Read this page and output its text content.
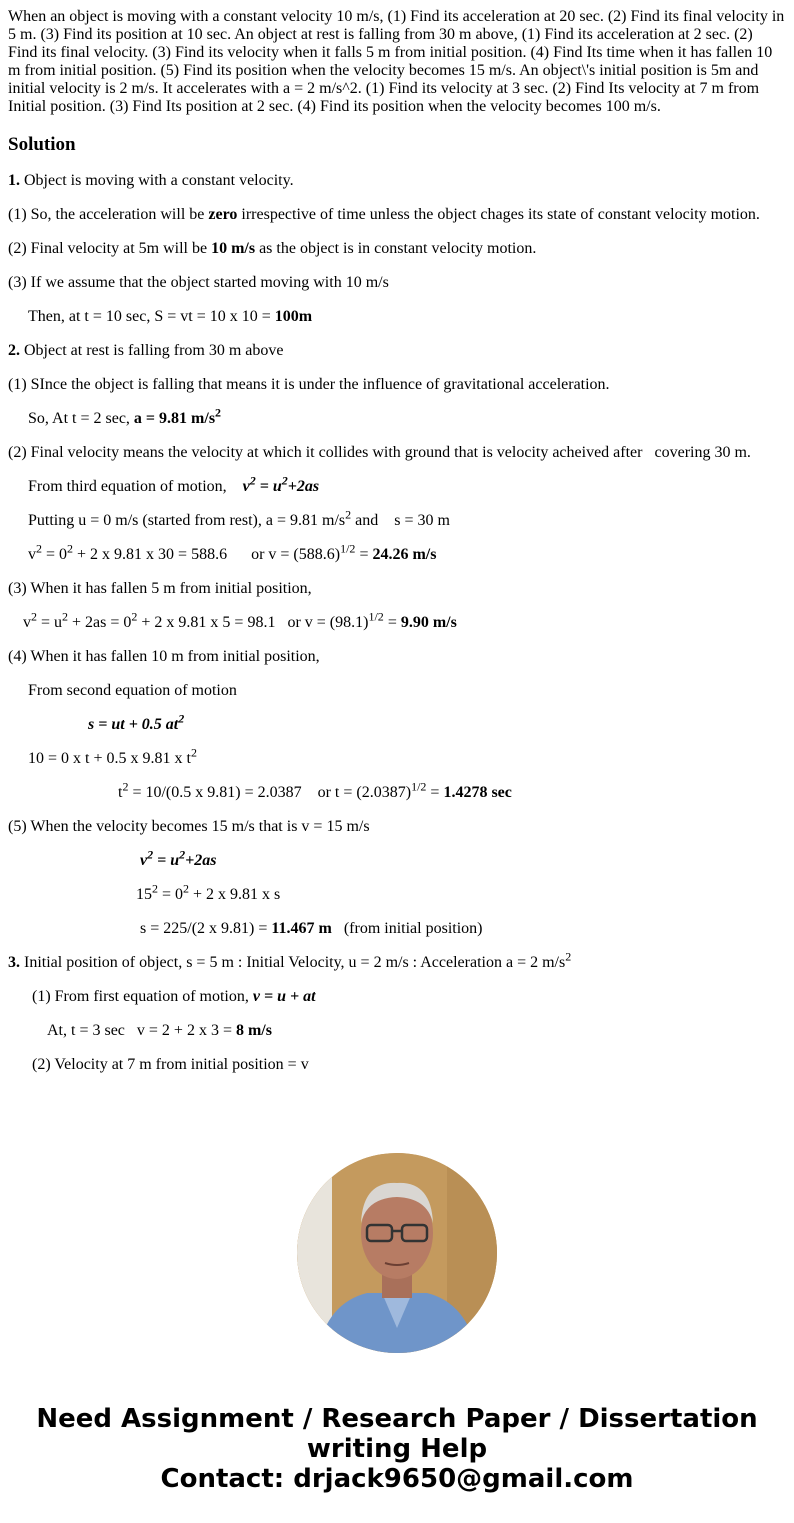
When an object is moving with a constant velocity 10 m/s, (1) Find its acceleration at 20 sec. (2) Find its final velocity in 5 m. (3) Find its position at 10 sec. An object at rest is falling from 30 m above, (1) Find its acceleration at 2 sec. (2) Find its final velocity. (3) Find its velocity when it falls 5 m from initial position. (4) Find Its time when it has fallen 10 m from initial position. (5) Find its position when the velocity becomes 15 m/s. An object\'s initial position is 5m and initial velocity is 2 m/s. It accelerates with a = 2 m/s^2. (1) Find its velocity at 3 sec. (2) Find Its velocity at 7 m from Initial position. (3) Find Its position at 2 sec. (4) Find its position when the velocity becomes 100 m/s.
Solution

1. Object is moving with a constant velocity.

(1) So, the acceleration will be zero irrespective of time unless the object chages its state of constant velocity motion.

(2) Final velocity at 5m will be 10 m/s as the object is in constant velocity motion.

(3) If we assume that the object started moving with 10 m/s

Then, at t = 10 sec, S = vt = 10 x 10 = 100m

2. Object at rest is falling from 30 m above

(1) SInce the object is falling that means it is under the influence of gravitational acceleration.

So, At t = 2 sec, a = 9.81 $m/s^2$

(2) Final velocity means the velocity at which it collides with ground that is velocity acheived after   covering 30 m.

From third equation of motion,    $v^2 = u^2+2as$

Putting u = 0 m/s (started from rest), a = 9.81 $m/s^2$ and    s = 30 m

$v^2 = 0^2 + 2$ x 9.81 x 30 = 588.6      or $v = (588.6)^{1/2} = 24.26$ m/s

(3) When it has fallen 5 m from initial position,

$v^2 = u^2 + 2as = 0^2 + 2$ x 9.81 x 5 = 98.1   or $v = (98.1)^{1/2} = 9.90$ m/s

(4) When it has fallen 10 m from initial position,

From second equation of motion

s = ut + 0.5 $at^2$

10 = 0 x t + 0.5 x 9.81 x $t^2$

$t^2 = 10/(0.5$ x 9.81) = 2.0387    or $t = (2.0387)^{1/2} = 1.4278$ sec

(5) When the velocity becomes 15 m/s that is v = 15 m/s

$v^2 = u^2+2as$

$15^2 = 0^2 + 2$ x 9.81 x s

s = 225/(2 x 9.81) = 11.467 m   (from initial position)

3. Initial position of object, s = 5 m : Initial Velocity, u = 2 m/s : Acceleration a = 2 $m/s^2$

(1) From first equation of motion, v = u + at

At, t = 3 sec   v = 2 + 2 x 3 = 8 m/s

(2) Velocity at 7 m from initial position = v

Need Assignment / Research Paper / Dissertation
writing Help
Contact: drjack9650@gmail.com
